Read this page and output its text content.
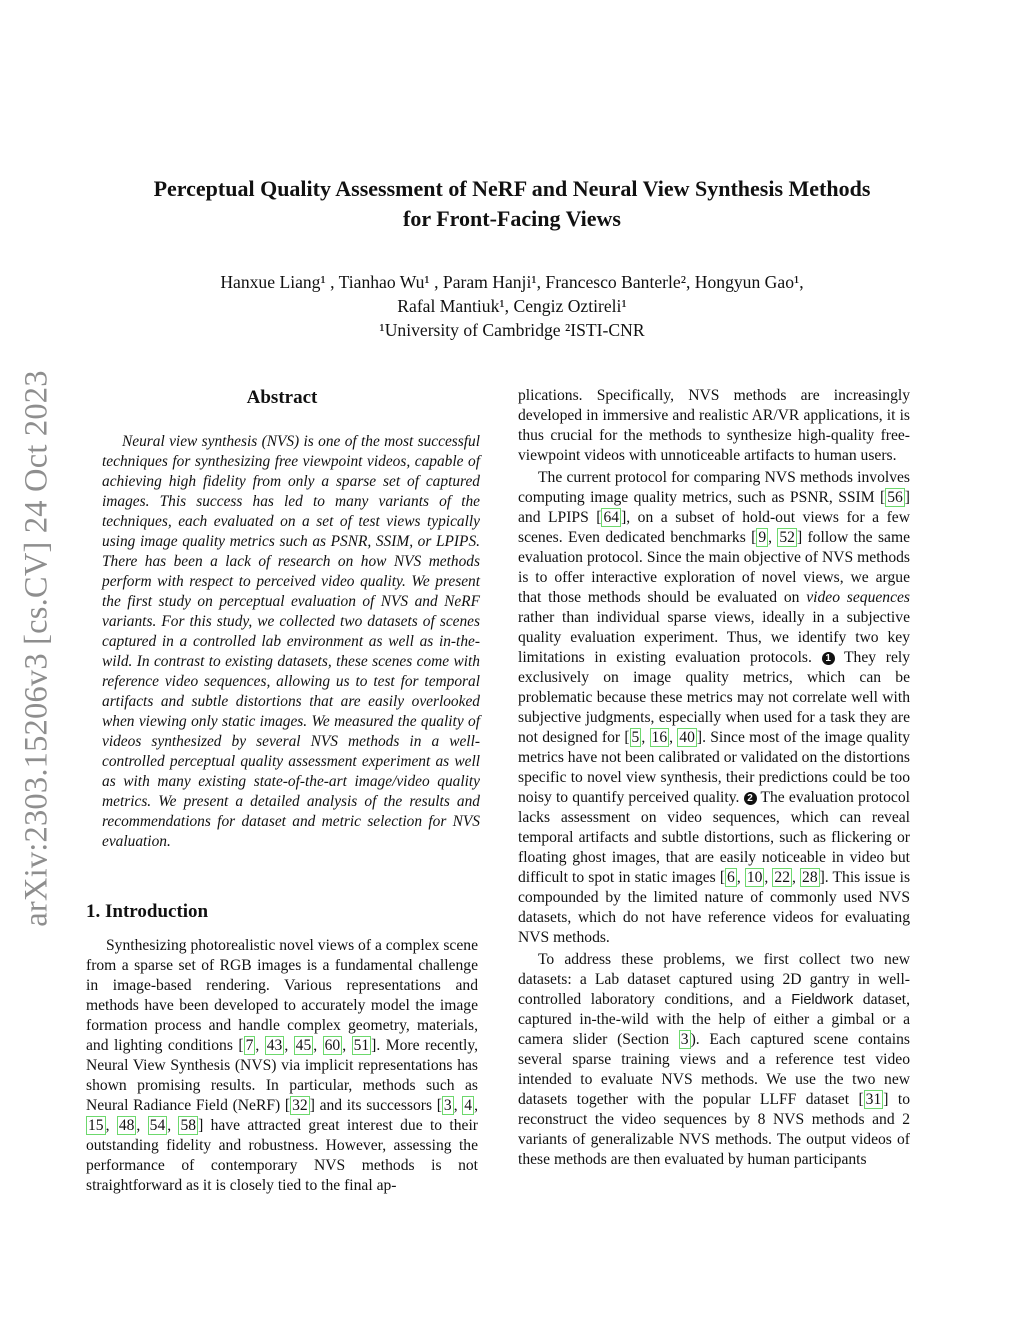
arXiv:2303.15206v3 [cs.CV] 24 Oct 2023
Perceptual Quality Assessment of NeRF and Neural View Synthesis Methods
for Front-Facing Views
Hanxue Liang¹ , Tianhao Wu¹ , Param Hanji¹, Francesco Banterle², Hongyun Gao¹,
Rafal Mantiuk¹, Cengiz Oztireli¹
¹University of Cambridge ²ISTI-CNR
Abstract

Neural view synthesis (NVS) is one of the most successful techniques for synthesizing free viewpoint videos, capable of achieving high fidelity from only a sparse set of captured images. This success has led to many variants of the techniques, each evaluated on a set of test views typically using image quality metrics such as PSNR, SSIM, or LPIPS. There has been a lack of research on how NVS methods perform with respect to perceived video quality. We present the first study on perceptual evaluation of NVS and NeRF variants. For this study, we collected two datasets of scenes captured in a controlled lab environment as well as in-the-wild. In contrast to existing datasets, these scenes come with reference video sequences, allowing us to test for temporal artifacts and subtle distortions that are easily overlooked when viewing only static images. We measured the quality of videos synthesized by several NVS methods in a well-controlled perceptual quality assessment experiment as well as with many existing state-of-the-art image/video quality metrics. We present a detailed analysis of the results and recommendations for dataset and metric selection for NVS evaluation.

1. Introduction

Synthesizing photorealistic novel views of a complex scene from a sparse set of RGB images is a fundamental challenge in image-based rendering. Various representations and methods have been developed to accurately model the image formation process and handle complex geometry, materials, and lighting conditions [ 7 , 43 , 45 , 60 , 51 ]. More recently, Neural View Synthesis (NVS) via implicit representations has shown promising results. In particular, methods such as Neural Radiance Field (NeRF) [ 32 ] and its successors [ 3 , 4 , 15 , 48 , 54 , 58 ] have attracted great interest due to their outstanding fidelity and robustness. However, assessing the performance of contemporary NVS methods is not straightforward as it is closely tied to the final ap-

plications. Specifically, NVS methods are increasingly developed in immersive and realistic AR/VR applications, it is thus crucial for the methods to synthesize high-quality free-viewpoint videos with unnoticeable artifacts to human users.

The current protocol for comparing NVS methods involves computing image quality metrics, such as PSNR, SSIM [ 56 ] and LPIPS [ 64 ], on a subset of hold-out views for a few scenes. Even dedicated benchmarks [ 9 , 52 ] follow the same evaluation protocol. Since the main objective of NVS methods is to offer interactive exploration of novel views, we argue that those methods should be evaluated on video sequences rather than individual sparse views, ideally in a subjective quality evaluation experiment. Thus, we identify two key limitations in existing evaluation protocols. 1 They rely exclusively on image quality metrics, which can be problematic because these metrics may not correlate well with subjective judgments, especially when used for a task they are not designed for [ 5 , 16 , 40 ]. Since most of the image quality metrics have not been calibrated or validated on the distortions specific to novel view synthesis, their predictions could be too noisy to quantify perceived quality. 2 The evaluation protocol lacks assessment on video sequences, which can reveal temporal artifacts and subtle distortions, such as flickering or floating ghost images, that are easily noticeable in video but difficult to spot in static images [ 6 , 10 , 22 , 28 ]. This issue is compounded by the limited nature of commonly used NVS datasets, which do not have reference videos for evaluating NVS methods.

To address these problems, we first collect two new datasets: a Lab dataset captured using 2D gantry in well-controlled laboratory conditions, and a Fieldwork dataset, captured in-the-wild with the help of either a gimbal or a camera slider (Section 3 ). Each captured scene contains several sparse training views and a reference test video intended to evaluate NVS methods. We use the two new datasets together with the popular LLFF dataset [ 31 ] to reconstruct the video sequences by 8 NVS methods and 2 variants of generalizable NVS methods. The output videos of these methods are then evaluated by human participants
